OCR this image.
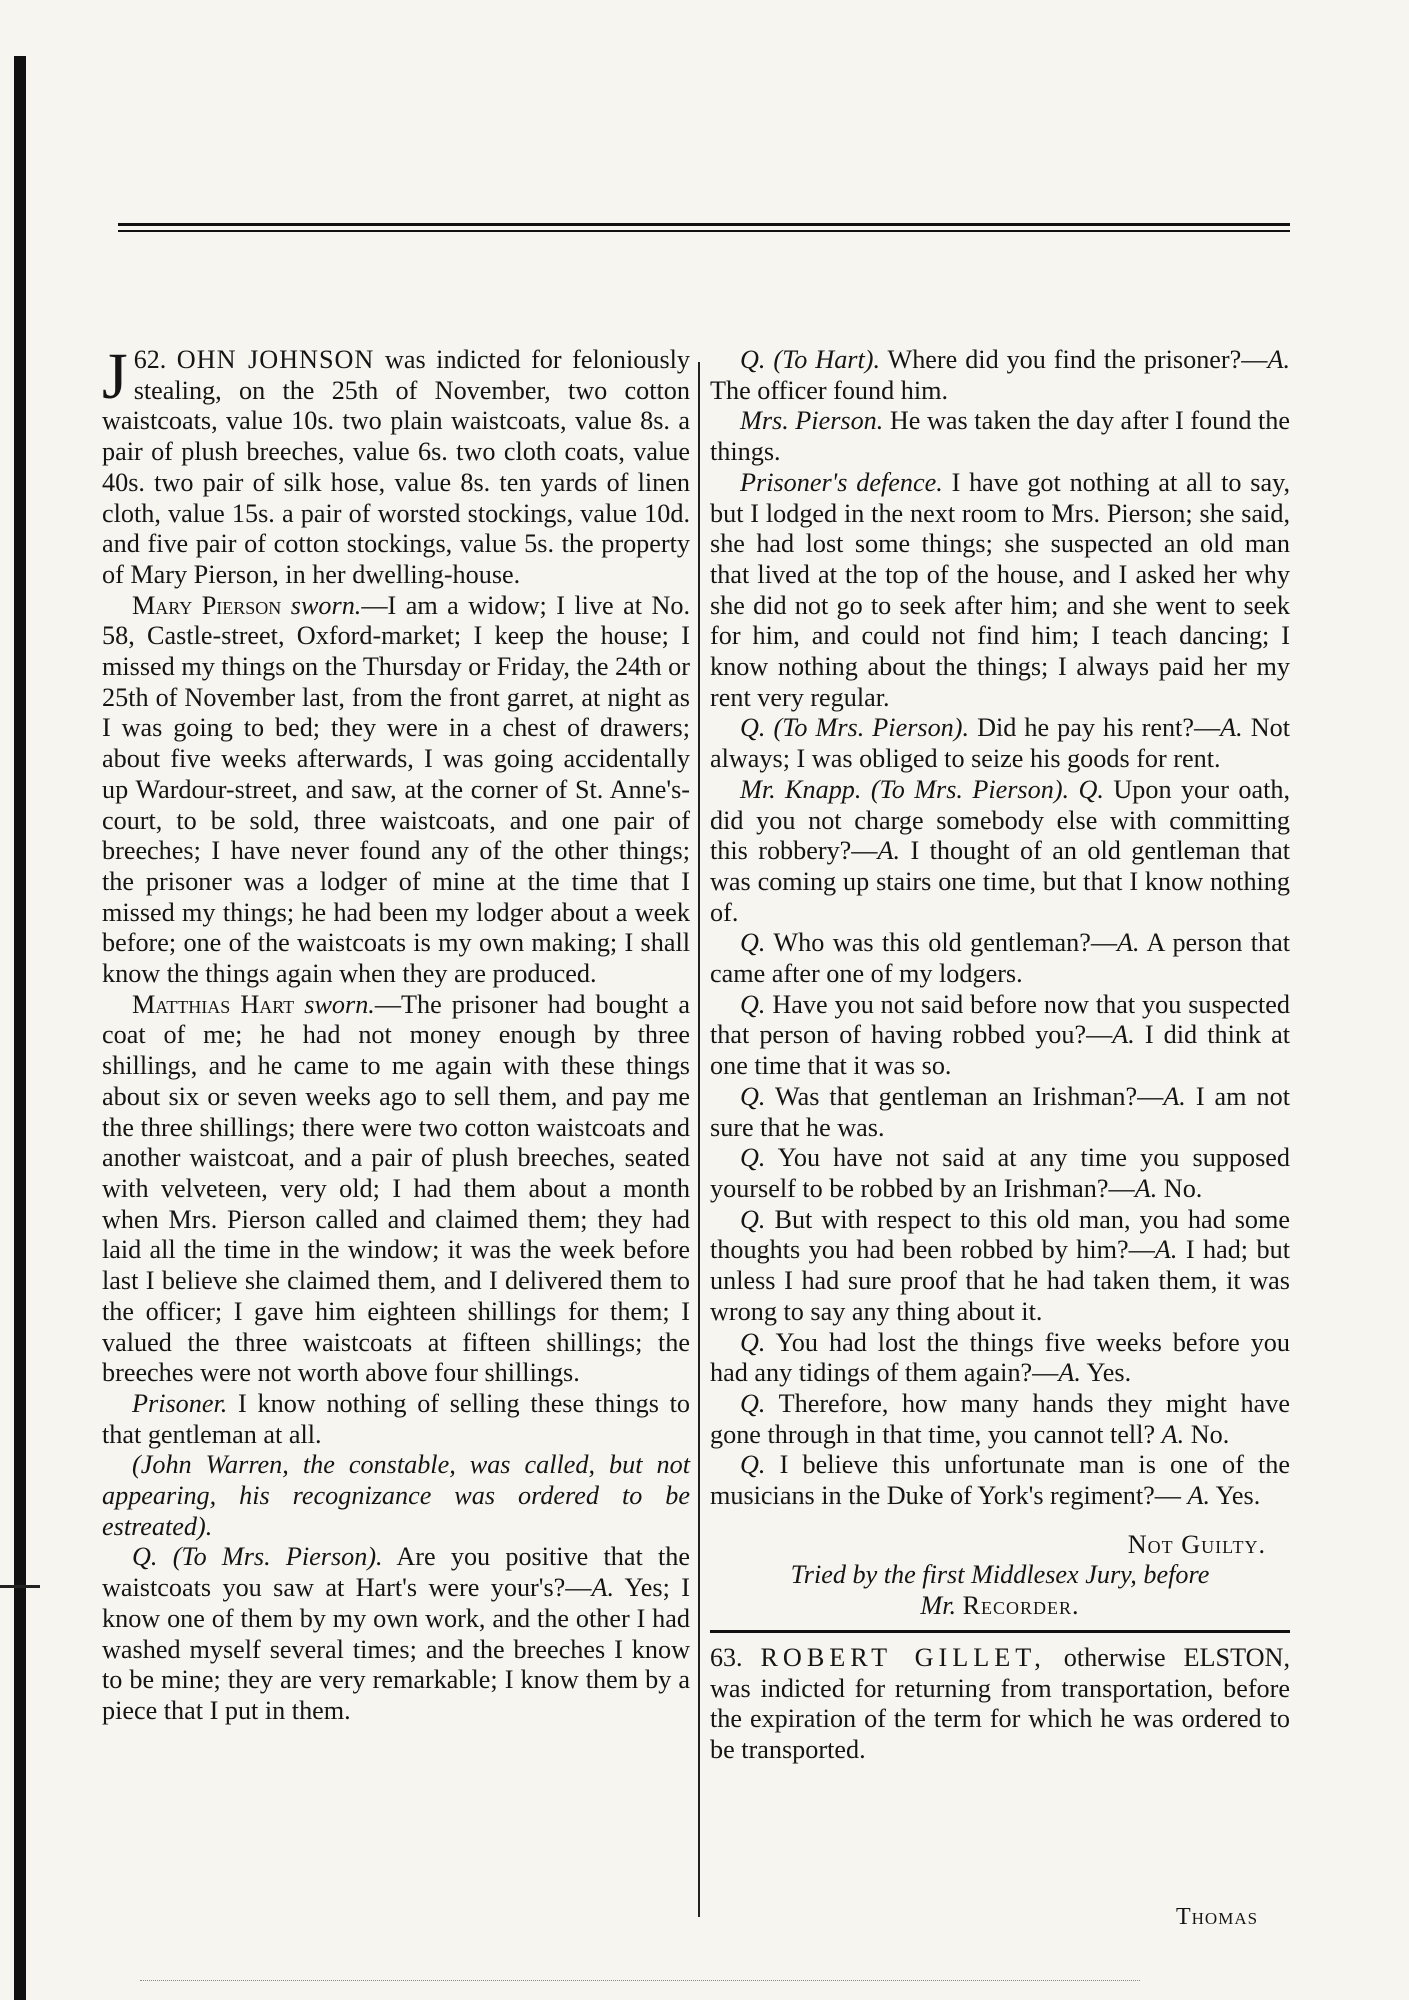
62.
J OHN JOHNSON was indicted for feloniously stealing, on the 25th of November, two cotton waistcoats, value 10s. two plain waistcoats, value 8s. a pair of plush breeches, value 6s. two cloth coats, value 40s. two pair of silk hose, value 8s. ten yards of linen cloth, value 15s. a pair of worsted stockings, value 10d. and five pair of cotton stockings, value 5s. the property of Mary Pierson, in her dwelling-house.

Mary Pierson sworn.—I am a widow; I live at No. 58, Castle-street, Oxford-market; I keep the house; I missed my things on the Thursday or Friday, the 24th or 25th of November last, from the front garret, at night as I was going to bed; they were in a chest of drawers; about five weeks afterwards, I was going accidentally up Wardour-street, and saw, at the corner of St. Anne's-court, to be sold, three waistcoats, and one pair of breeches; I have never found any of the other things; the prisoner was a lodger of mine at the time that I missed my things; he had been my lodger about a week before; one of the waistcoats is my own making; I shall know the things again when they are produced.

Matthias Hart sworn.—The prisoner had bought a coat of me; he had not money enough by three shillings, and he came to me again with these things about six or seven weeks ago to sell them, and pay me the three shillings; there were two cotton waistcoats and another waistcoat, and a pair of plush breeches, seated with velveteen, very old; I had them about a month when Mrs. Pierson called and claimed them; they had laid all the time in the window; it was the week before last I believe she claimed them, and I delivered them to the officer; I gave him eighteen shillings for them; I valued the three waistcoats at fifteen shillings; the breeches were not worth above four shillings.

Prisoner. I know nothing of selling these things to that gentleman at all.

(John Warren, the constable, was called, but not appearing, his recognizance was ordered to be estreated).

Q. (To Mrs. Pierson). Are you positive that the waistcoats you saw at Hart's were your's?—A. Yes; I know one of them by my own work, and the other I had washed myself several times; and the breeches I know to be mine; they are very remarkable; I know them by a piece that I put in them.

Q. (To Hart). Where did you find the prisoner?—A. The officer found him.

Mrs. Pierson. He was taken the day after I found the things.

Prisoner's defence. I have got nothing at all to say, but I lodged in the next room to Mrs. Pierson; she said, she had lost some things; she suspected an old man that lived at the top of the house, and I asked her why she did not go to seek after him; and she went to seek for him, and could not find him; I teach dancing; I know nothing about the things; I always paid her my rent very regular.

Q. (To Mrs. Pierson). Did he pay his rent?—A. Not always; I was obliged to seize his goods for rent.

Mr. Knapp. (To Mrs. Pierson). Q. Upon your oath, did you not charge somebody else with committing this robbery?—A. I thought of an old gentleman that was coming up stairs one time, but that I know nothing of.

Q. Who was this old gentleman?—A. A person that came after one of my lodgers.

Q. Have you not said before now that you suspected that person of having robbed you?—A. I did think at one time that it was so.

Q. Was that gentleman an Irishman?—A. I am not sure that he was.

Q. You have not said at any time you supposed yourself to be robbed by an Irishman?—A. No.

Q. But with respect to this old man, you had some thoughts you had been robbed by him?—A. I had; but unless I had sure proof that he had taken them, it was wrong to say any thing about it.

Q. You had lost the things five weeks before you had any tidings of them again?—A. Yes.

Q. Therefore, how many hands they might have gone through in that time, you cannot tell? A. No.

Q. I believe this unfortunate man is one of the musicians in the Duke of York's regiment?— A. Yes.

Not Guilty.

Tried by the first Middlesex Jury, before

Mr. Recorder.

63. ROBERT GILLET, otherwise ELSTON, was indicted for returning from transportation, before the expiration of the term for which he was ordered to be transported.

Thomas
